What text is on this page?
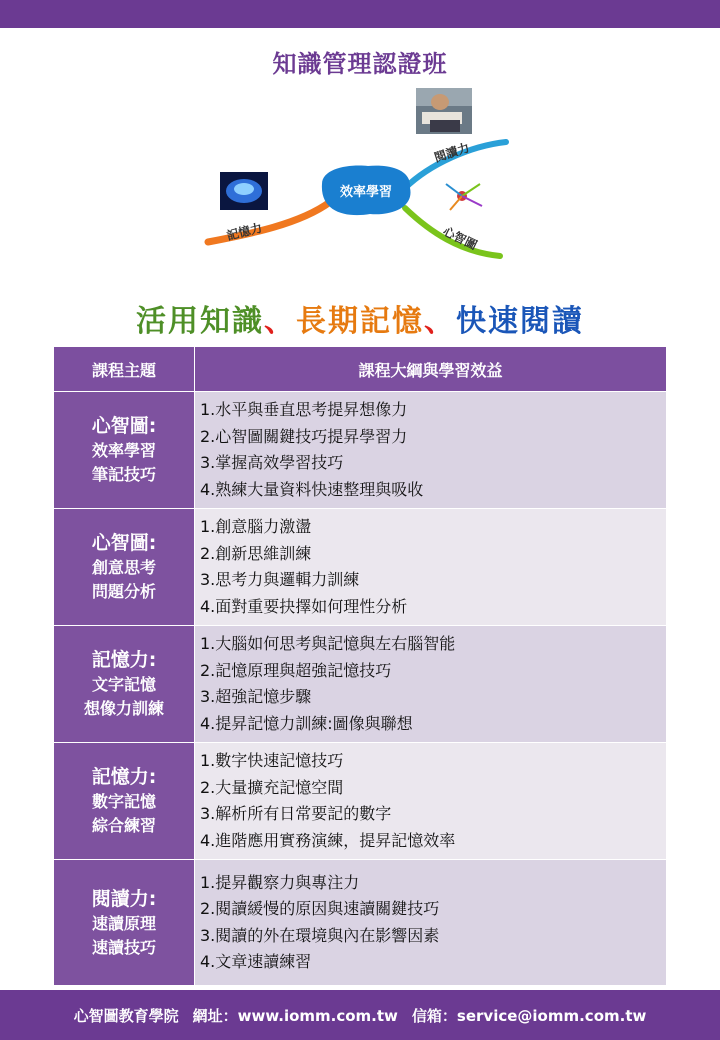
知識管理認證班
效率學習
記憶力
閱讀力
心智圖
活用知識、長期記憶、快速閱讀
課程主題	課程大綱與學習效益

心智圖:
效率學習
筆記技巧	1.水平與垂直思考提昇想像力
2.心智圖關鍵技巧提昇學習力
3.掌握高效學習技巧
4.熟練大量資料快速整理與吸收

心智圖:
創意思考
問題分析	1.創意腦力激盪
2.創新思維訓練
3.思考力與邏輯力訓練
4.面對重要抉擇如何理性分析

記憶力:
文字記憶
想像力訓練	1.大腦如何思考與記憶與左右腦智能
2.記憶原理與超強記憶技巧
3.超強記憶步驟
4.提昇記憶力訓練:圖像與聯想

記憶力:
數字記憶
綜合練習	1.數字快速記憶技巧
2.大量擴充記憶空間
3.解析所有日常要記的數字
4.進階應用實務演練，提昇記憶效率

閱讀力:
速讀原理
速讀技巧	1.提昇觀察力與專注力
2.閱讀緩慢的原因與速讀關鍵技巧
3.閱讀的外在環境與內在影響因素
4.文章速讀練習
心智圖教育學院 網址：www.iomm.com.tw 信箱：service@iomm.com.tw
